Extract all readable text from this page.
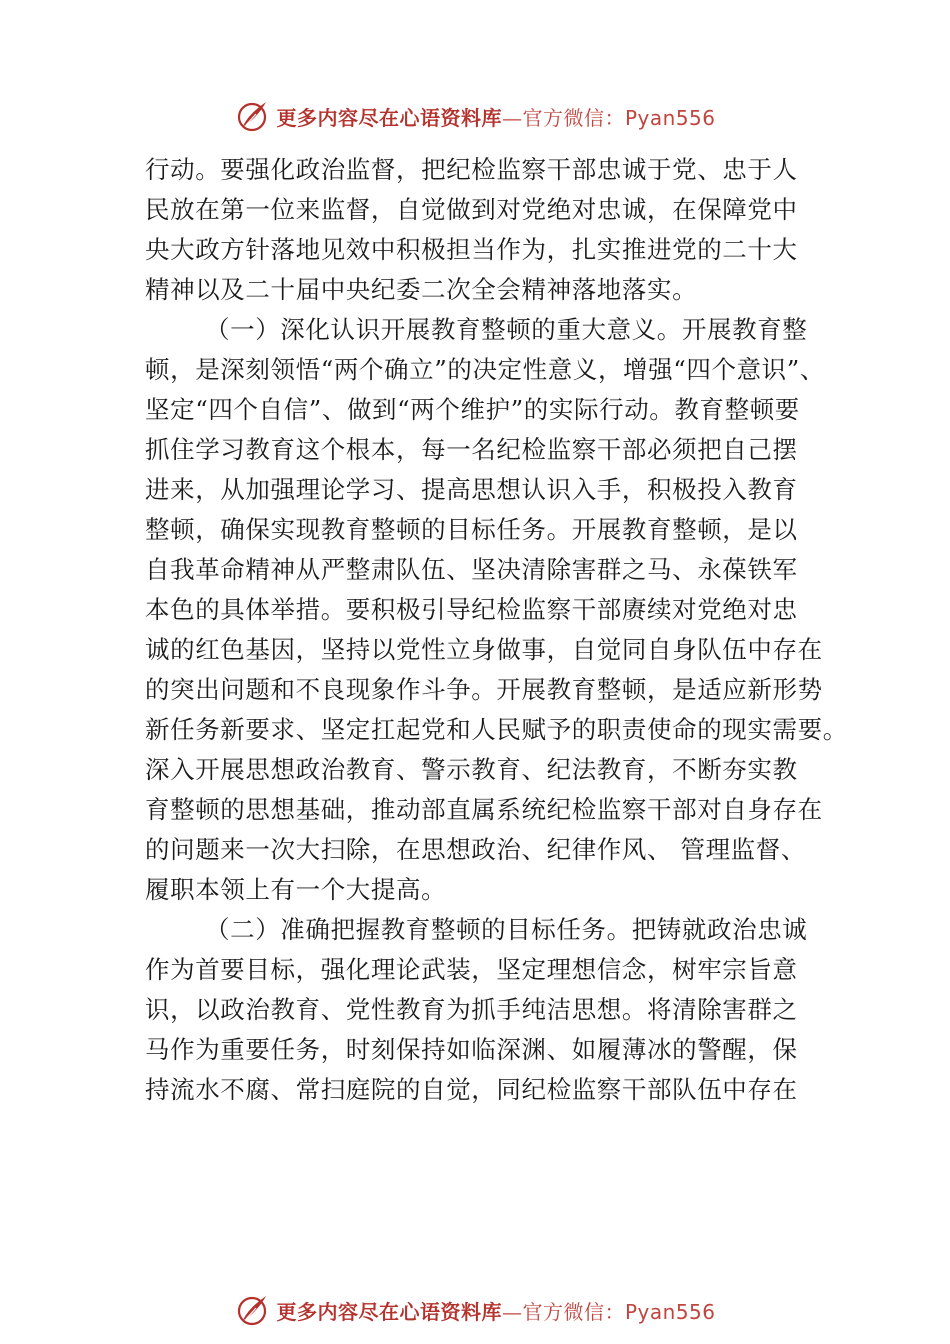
更多内容尽在心语资料库—官方微信：Pyan556
行动。要强化政治监督，把纪检监察干部忠诚于党、忠于人
民放在第一位来监督，自觉做到对党绝对忠诚，在保障党中
央大政方针落地见效中积极担当作为，扎实推进党的二十大
精神以及二十届中央纪委二次全会精神落地落实。
（一）深化认识开展教育整顿的重大意义。开展教育整
顿，是深刻领悟“两个确立”的决定性意义，增强“四个意识”、
坚定“四个自信”、做到“两个维护”的实际行动。教育整顿要
抓住学习教育这个根本，每一名纪检监察干部必须把自己摆
进来，从加强理论学习、提高思想认识入手，积极投入教育
整顿，确保实现教育整顿的目标任务。开展教育整顿，是以
自我革命精神从严整肃队伍、坚决清除害群之马、永葆铁军
本色的具体举措。要积极引导纪检监察干部赓续对党绝对忠
诚的红色基因，坚持以党性立身做事，自觉同自身队伍中存在
的突出问题和不良现象作斗争。开展教育整顿，是适应新形势
新任务新要求、坚定扛起党和人民赋予的职责使命的现实需要。
深入开展思想政治教育、警示教育、纪法教育，不断夯实教
育整顿的思想基础，推动部直属系统纪检监察干部对自身存在
的问题来一次大扫除，在思想政治、纪律作风、 管理监督、
履职本领上有一个大提高。
（二）准确把握教育整顿的目标任务。把铸就政治忠诚
作为首要目标，强化理论武装，坚定理想信念，树牢宗旨意
识，以政治教育、党性教育为抓手纯洁思想。将清除害群之
马作为重要任务，时刻保持如临深渊、如履薄冰的警醒，保
持流水不腐、常扫庭院的自觉，同纪检监察干部队伍中存在
更多内容尽在心语资料库—官方微信：Pyan556
